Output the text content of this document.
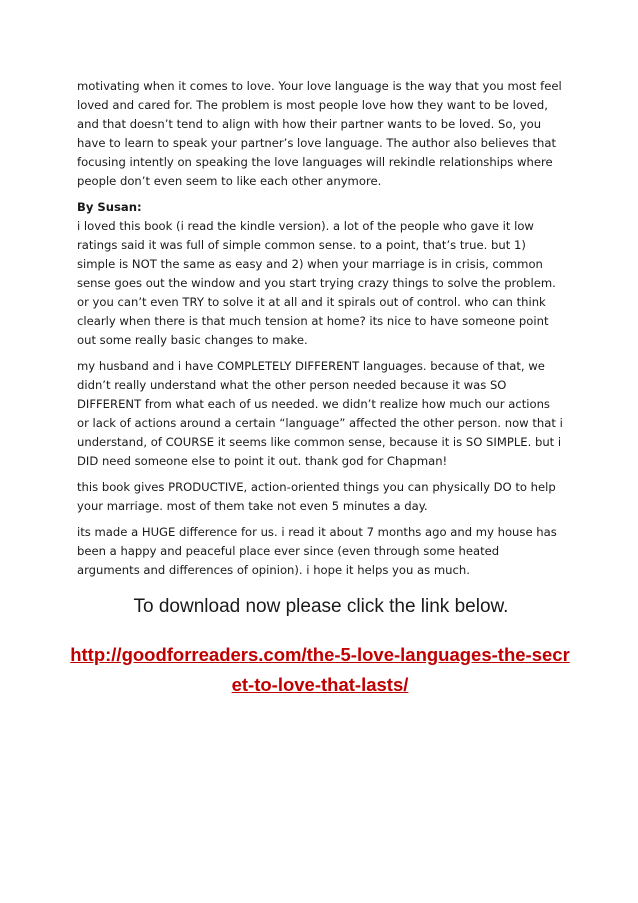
motivating when it comes to love. Your love language is the way that you most feel loved and cared for. The problem is most people love how they want to be loved, and that doesn’t tend to align with how their partner wants to be loved. So, you have to learn to speak your partner’s love language. The author also believes that focusing intently on speaking the love languages will rekindle relationships where people don’t even seem to like each other anymore.

By Susan:
i loved this book (i read the kindle version). a lot of the people who gave it low ratings said it was full of simple common sense. to a point, that’s true. but 1) simple is NOT the same as easy and 2) when your marriage is in crisis, common sense goes out the window and you start trying crazy things to solve the problem. or you can’t even TRY to solve it at all and it spirals out of control. who can think clearly when there is that much tension at home? its nice to have someone point out some really basic changes to make.

my husband and i have COMPLETELY DIFFERENT languages. because of that, we didn’t really understand what the other person needed because it was SO DIFFERENT from what each of us needed. we didn’t realize how much our actions or lack of actions around a certain “language” affected the other person. now that i understand, of COURSE it seems like common sense, because it is SO SIMPLE. but i DID need someone else to point it out. thank god for Chapman!

this book gives PRODUCTIVE, action-oriented things you can physically DO to help your marriage. most of them take not even 5 minutes a day.

its made a HUGE difference for us. i read it about 7 months ago and my house has been a happy and peaceful place ever since (even through some heated arguments and differences of opinion). i hope it helps you as much.

To download now please click the link below.
http://goodforreaders.com/the-5-love-languages-the-secret-to-love-that-lasts/
